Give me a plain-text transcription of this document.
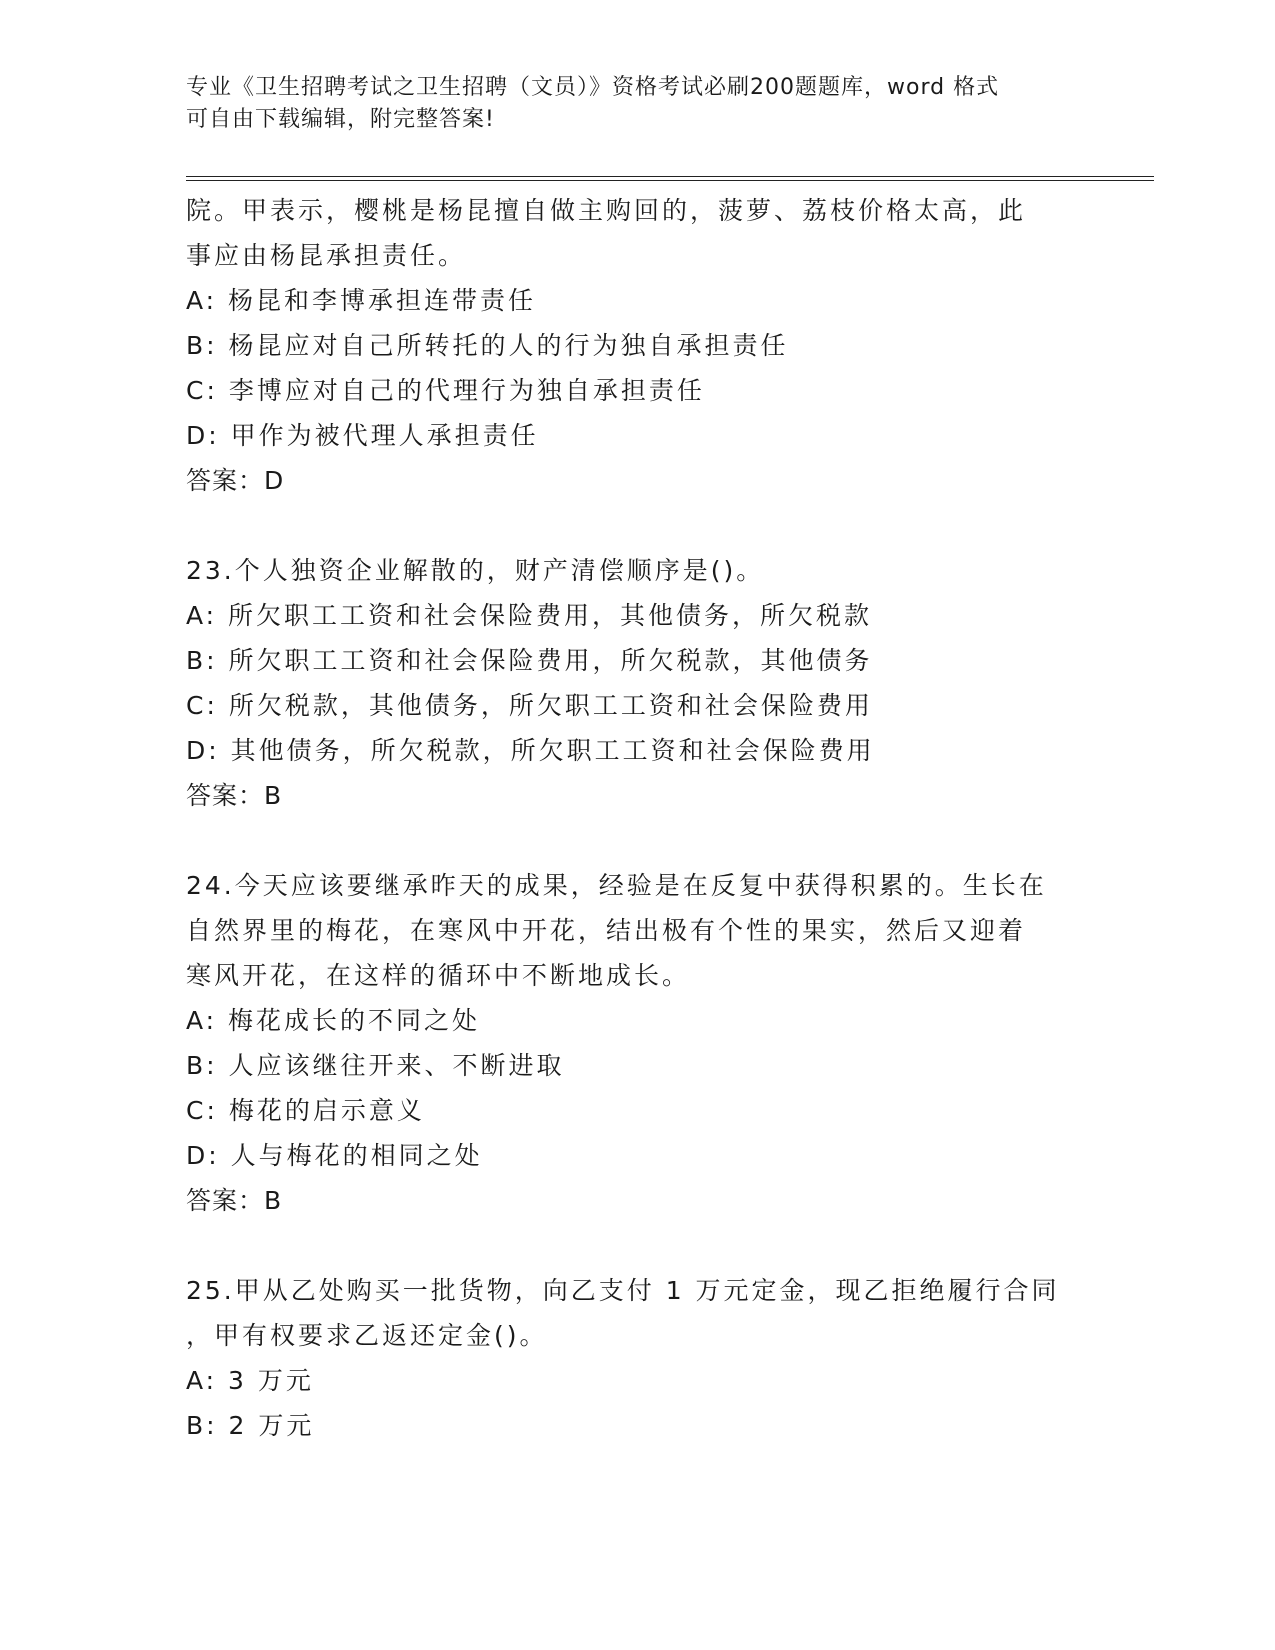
专业《卫生招聘考试之卫生招聘（文员）》资格考试必刷200题题库，word 格式
可自由下载编辑，附完整答案!
院。甲表示，樱桃是杨昆擅自做主购回的，菠萝、荔枝价格太高，此
事应由杨昆承担责任。
A: 杨昆和李博承担连带责任
B: 杨昆应对自己所转托的人的行为独自承担责任
C: 李博应对自己的代理行为独自承担责任
D: 甲作为被代理人承担责任
答案：D
23.个人独资企业解散的，财产清偿顺序是()。
A: 所欠职工工资和社会保险费用，其他债务，所欠税款
B: 所欠职工工资和社会保险费用，所欠税款，其他债务
C: 所欠税款，其他债务，所欠职工工资和社会保险费用
D: 其他债务，所欠税款，所欠职工工资和社会保险费用
答案：B
24.今天应该要继承昨天的成果，经验是在反复中获得积累的。生长在
自然界里的梅花，在寒风中开花，结出极有个性的果实，然后又迎着
寒风开花，在这样的循环中不断地成长。
A: 梅花成长的不同之处
B: 人应该继往开来、不断进取
C: 梅花的启示意义
D: 人与梅花的相同之处
答案：B
25.甲从乙处购买一批货物，向乙支付 1 万元定金，现乙拒绝履行合同
，甲有权要求乙返还定金()。
A: 3 万元
B: 2 万元
